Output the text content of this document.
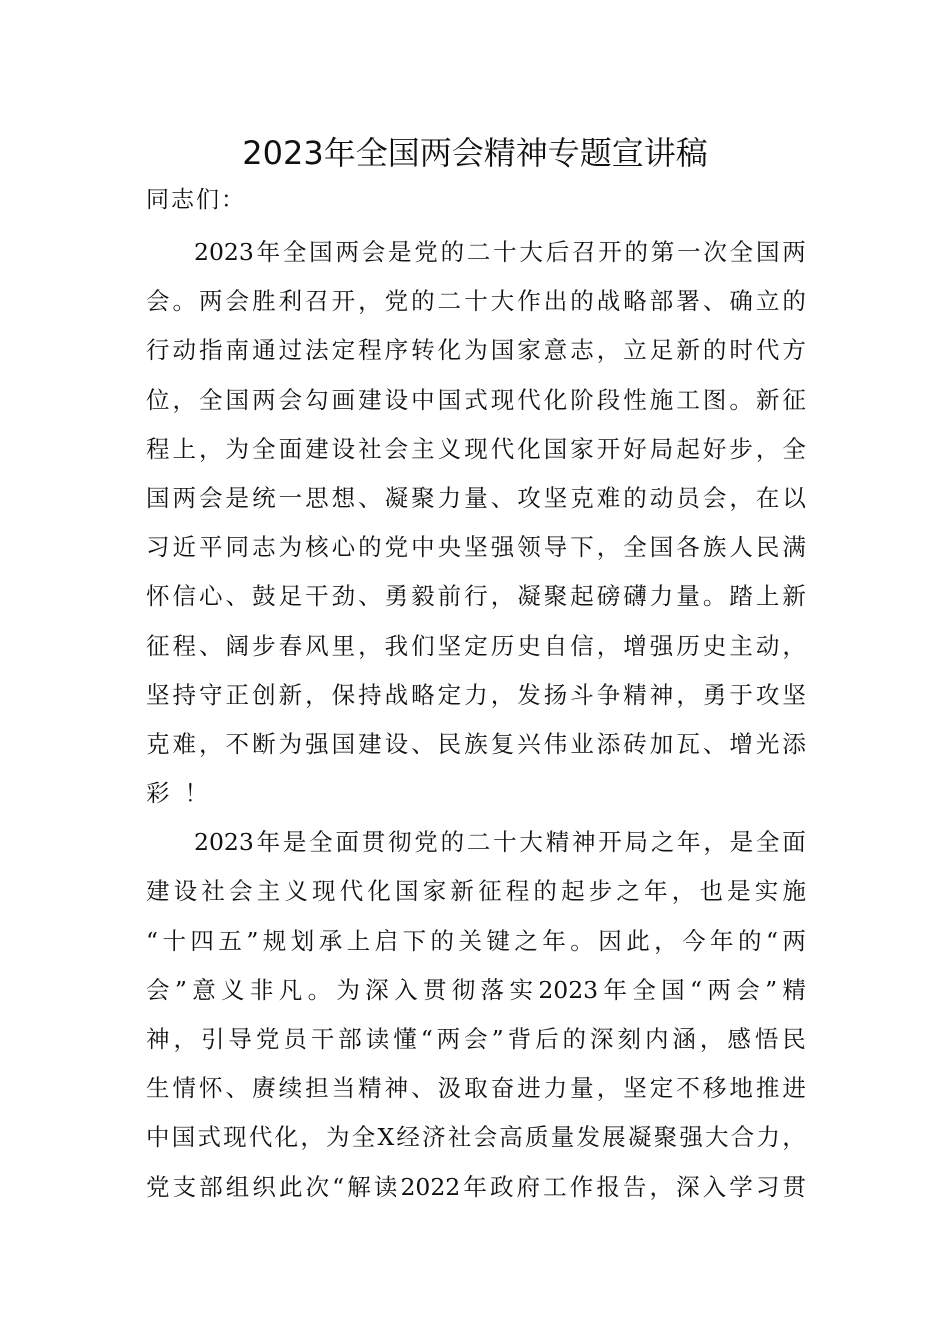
2023年全国两会精神专题宣讲稿
同志们：
2023 年 全 国 两 会 是 党 的 二 十 大 后 召 开 的 第 一 次 全 国 两
会 。 两 会 胜 利 召 开 ， 党 的 二 十 大 作 出 的 战 略 部 署 、 确 立 的
行 动 指 南 通 过 法 定 程 序 转 化 为 国 家 意 志 ， 立 足 新 的 时 代 方
位 ， 全 国 两 会 勾 画 建 设 中 国 式 现 代 化 阶 段 性 施 工 图 。 新 征
程 上 ， 为 全 面 建 设 社 会 主 义 现 代 化 国 家 开 好 局 起 好 步 ， 全
国 两 会 是 统 一 思 想 、 凝 聚 力 量 、 攻 坚 克 难 的 动 员 会 ， 在 以
习 近 平 同 志 为 核 心 的 党 中 央 坚 强 领 导 下 ， 全 国 各 族 人 民 满
怀 信 心 、 鼓 足 干 劲 、 勇 毅 前 行 ， 凝 聚 起 磅 礴 力 量 。 踏 上 新
征 程 、 阔 步 春 风 里 ， 我 们 坚 定 历 史 自 信 ， 增 强 历 史 主 动 ，
坚 持 守 正 创 新 ， 保 持 战 略 定 力 ， 发 扬 斗 争 精 神 ， 勇 于 攻 坚
克 难 ， 不 断 为 强 国 建 设 、 民 族 复 兴 伟 业 添 砖 加 瓦 、 增 光 添
彩 ！
2023 年 是 全 面 贯 彻 党 的 二 十 大 精 神 开 局 之 年 ， 是 全 面
建 设 社 会 主 义 现 代 化 国 家 新 征 程 的 起 步 之 年 ， 也 是 实 施
“ 十 四 五 ” 规 划 承 上 启 下 的 关 键 之 年 。 因 此 ， 今 年 的 “ 两
会 ” 意 义 非 凡 。 为 深 入 贯 彻 落 实 2023 年 全 国 “ 两 会 ” 精
神 ， 引 导 党 员 干 部 读 懂 “ 两 会 ” 背 后 的 深 刻 内 涵 ， 感 悟 民
生 情 怀 、 赓 续 担 当 精 神 、 汲 取 奋 进 力 量 ， 坚 定 不 移 地 推 进
中 国 式 现 代 化 ， 为 全 X 经 济 社 会 高 质 量 发 展 凝 聚 强 大 合 力 ，
党 支 部 组 织 此 次 “ 解 读 2022 年 政 府 工 作 报 告 ， 深 入 学 习 贯
